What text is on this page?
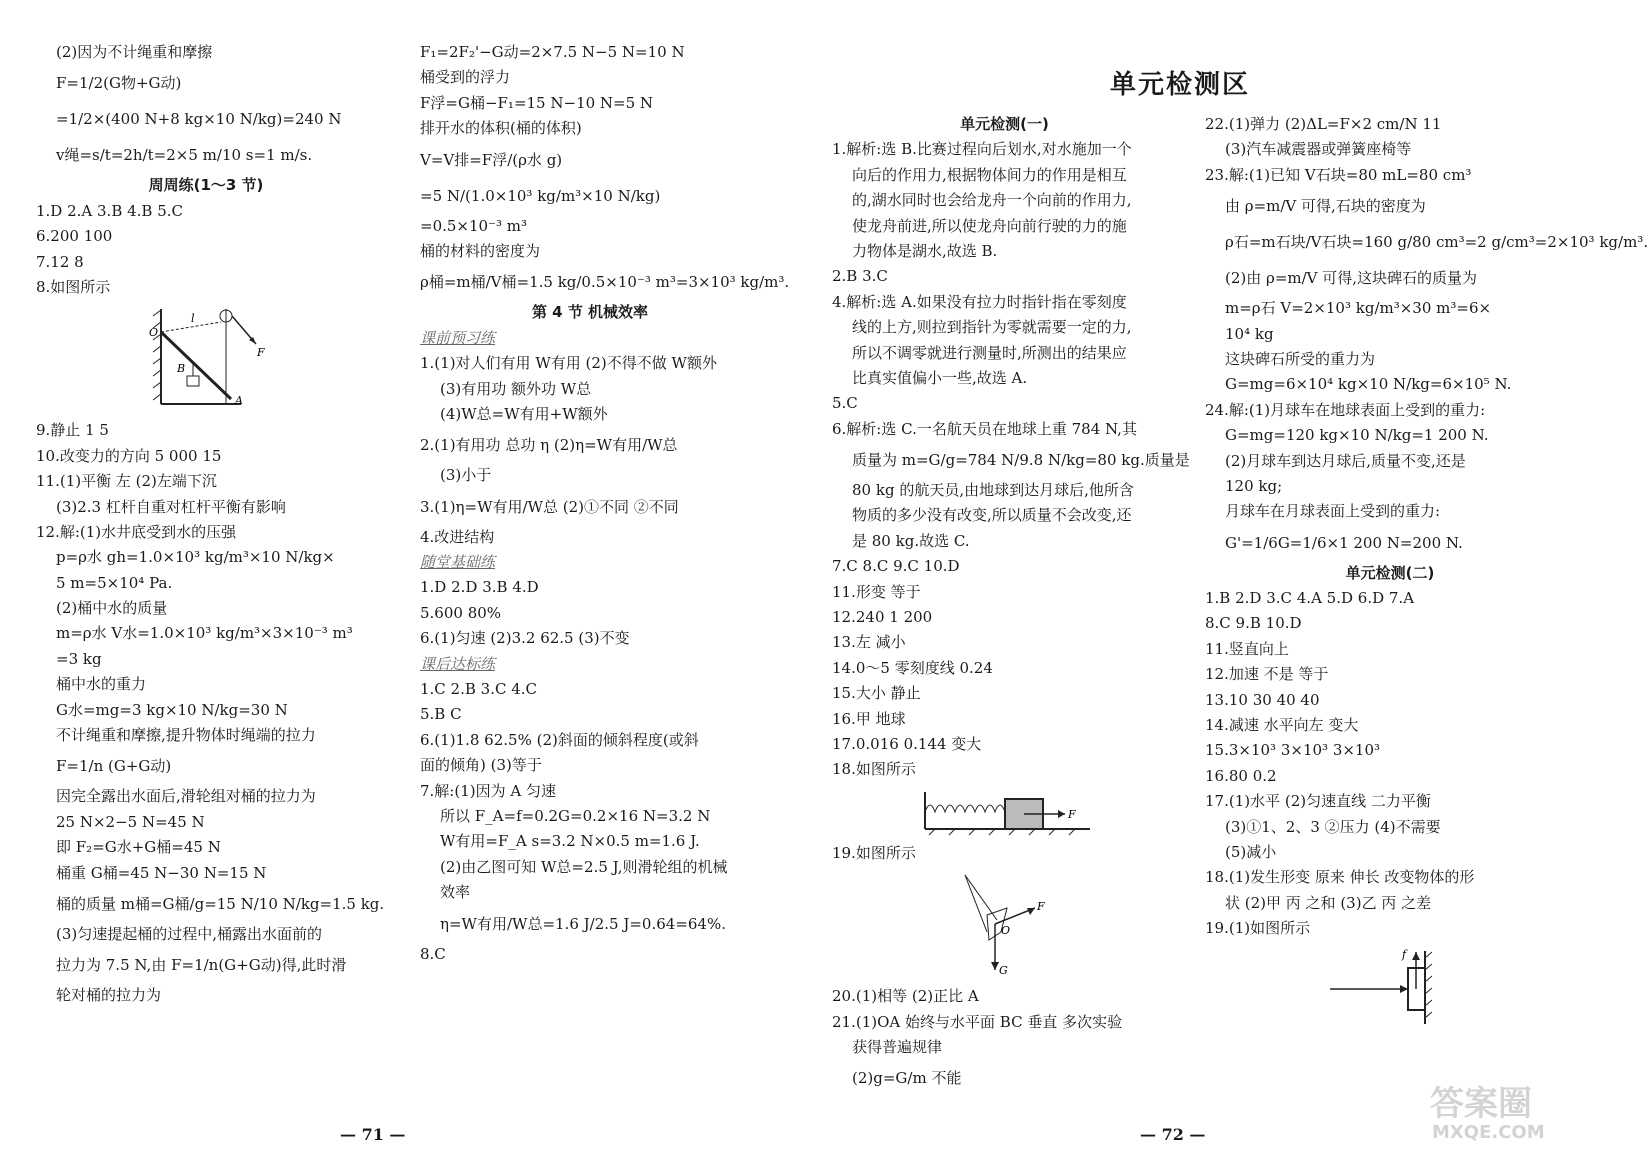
(2)因为不计绳重和摩擦
F=1/2(G物+G动)
=1/2×(400 N+8 kg×10 N/kg)=240 N
v绳=s/t=2h/t=2×5 m/10 s=1 m/s.
周周练(1～3 节)
1.D 2.A 3.B 4.B 5.C
6.200 100
7.12 8
8.如图所示
O
l
F
B
A
9.静止 1 5
10.改变力的方向 5 000 15
11.(1)平衡 左 (2)左端下沉
(3)2.3 杠杆自重对杠杆平衡有影响
12.解:(1)水井底受到水的压强
p=ρ水 gh=1.0×10³ kg/m³×10 N/kg×
5 m=5×10⁴ Pa.
(2)桶中水的质量
m=ρ水 V水=1.0×10³ kg/m³×3×10⁻³ m³
=3 kg
桶中水的重力
G水=mg=3 kg×10 N/kg=30 N
不计绳重和摩擦,提升物体时绳端的拉力
F=1/n (G+G动)
因完全露出水面后,滑轮组对桶的拉力为
25 N×2−5 N=45 N
即 F₂=G水+G桶=45 N
桶重 G桶=45 N−30 N=15 N
桶的质量 m桶=G桶/g=15 N/10 N/kg=1.5 kg.
(3)匀速提起桶的过程中,桶露出水面前的
拉力为 7.5 N,由 F=1/n(G+G动)得,此时滑
轮对桶的拉力为
F₁=2F₂'−G动=2×7.5 N−5 N=10 N
桶受到的浮力
F浮=G桶−F₁=15 N−10 N=5 N
排开水的体积(桶的体积)
V=V排=F浮/(ρ水 g)
=5 N/(1.0×10³ kg/m³×10 N/kg)
=0.5×10⁻³ m³
桶的材料的密度为
ρ桶=m桶/V桶=1.5 kg/0.5×10⁻³ m³=3×10³ kg/m³.
第 4 节 机械效率
课前预习练
1.(1)对人们有用 W有用 (2)不得不做 W额外
(3)有用功 额外功 W总
(4)W总=W有用+W额外
2.(1)有用功 总功 η (2)η=W有用/W总
(3)小于
3.(1)η=W有用/W总 (2)①不同 ②不同
4.改进结构
随堂基础练
1.D 2.D 3.B 4.D
5.600 80%
6.(1)匀速 (2)3.2 62.5 (3)不变
课后达标练
1.C 2.B 3.C 4.C
5.B C
6.(1)1.8 62.5% (2)斜面的倾斜程度(或斜
面的倾角) (3)等于
7.解:(1)因为 A 匀速
所以 F_A=f=0.2G=0.2×16 N=3.2 N
W有用=F_A s=3.2 N×0.5 m=1.6 J.
(2)由乙图可知 W总=2.5 J,则滑轮组的机械
效率
η=W有用/W总=1.6 J/2.5 J=0.64=64%.
8.C
— 71 —
单元检测区
单元检测(一)
1.解析:选 B.比赛过程向后划水,对水施加一个
向后的作用力,根据物体间力的作用是相互
的,湖水同时也会给龙舟一个向前的作用力,
使龙舟前进,所以使龙舟向前行驶的力的施
力物体是湖水,故选 B.
2.B 3.C
4.解析:选 A.如果没有拉力时指针指在零刻度
线的上方,则拉到指针为零就需要一定的力,
所以不调零就进行测量时,所测出的结果应
比真实值偏小一些,故选 A.
5.C
6.解析:选 C.一名航天员在地球上重 784 N,其
质量为 m=G/g=784 N/9.8 N/kg=80 kg.质量是
80 kg 的航天员,由地球到达月球后,他所含
物质的多少没有改变,所以质量不会改变,还
是 80 kg.故选 C.
7.C 8.C 9.C 10.D
11.形变 等于
12.240 1 200
13.左 减小
14.0～5 零刻度线 0.24
15.大小 静止
16.甲 地球
17.0.016 0.144 变大
18.如图所示
F
19.如图所示
F
O
G
20.(1)相等 (2)正比 A
21.(1)OA 始终与水平面 BC 垂直 多次实验
获得普遍规律
(2)g=G/m 不能
22.(1)弹力 (2)ΔL=F×2 cm/N 11
(3)汽车减震器或弹簧座椅等
23.解:(1)已知 V石块=80 mL=80 cm³
由 ρ=m/V 可得,石块的密度为
ρ石=m石块/V石块=160 g/80 cm³=2 g/cm³=2×10³ kg/m³.
(2)由 ρ=m/V 可得,这块碑石的质量为
m=ρ石 V=2×10³ kg/m³×30 m³=6×
10⁴ kg
这块碑石所受的重力为
G=mg=6×10⁴ kg×10 N/kg=6×10⁵ N.
24.解:(1)月球车在地球表面上受到的重力:
G=mg=120 kg×10 N/kg=1 200 N.
(2)月球车到达月球后,质量不变,还是
120 kg;
月球车在月球表面上受到的重力:
G'=1/6G=1/6×1 200 N=200 N.
单元检测(二)
1.B 2.D 3.C 4.A 5.D 6.D 7.A
8.C 9.B 10.D
11.竖直向上
12.加速 不是 等于
13.10 30 40 40
14.减速 水平向左 变大
15.3×10³ 3×10³ 3×10³
16.80 0.2
17.(1)水平 (2)匀速直线 二力平衡
(3)①1、2、3 ②压力 (4)不需要
(5)减小
18.(1)发生形变 原来 伸长 改变物体的形
状 (2)甲 丙 之和 (3)乙 丙 之差
19.(1)如图所示
f
— 72 —
答案圈
MXQE.COM
